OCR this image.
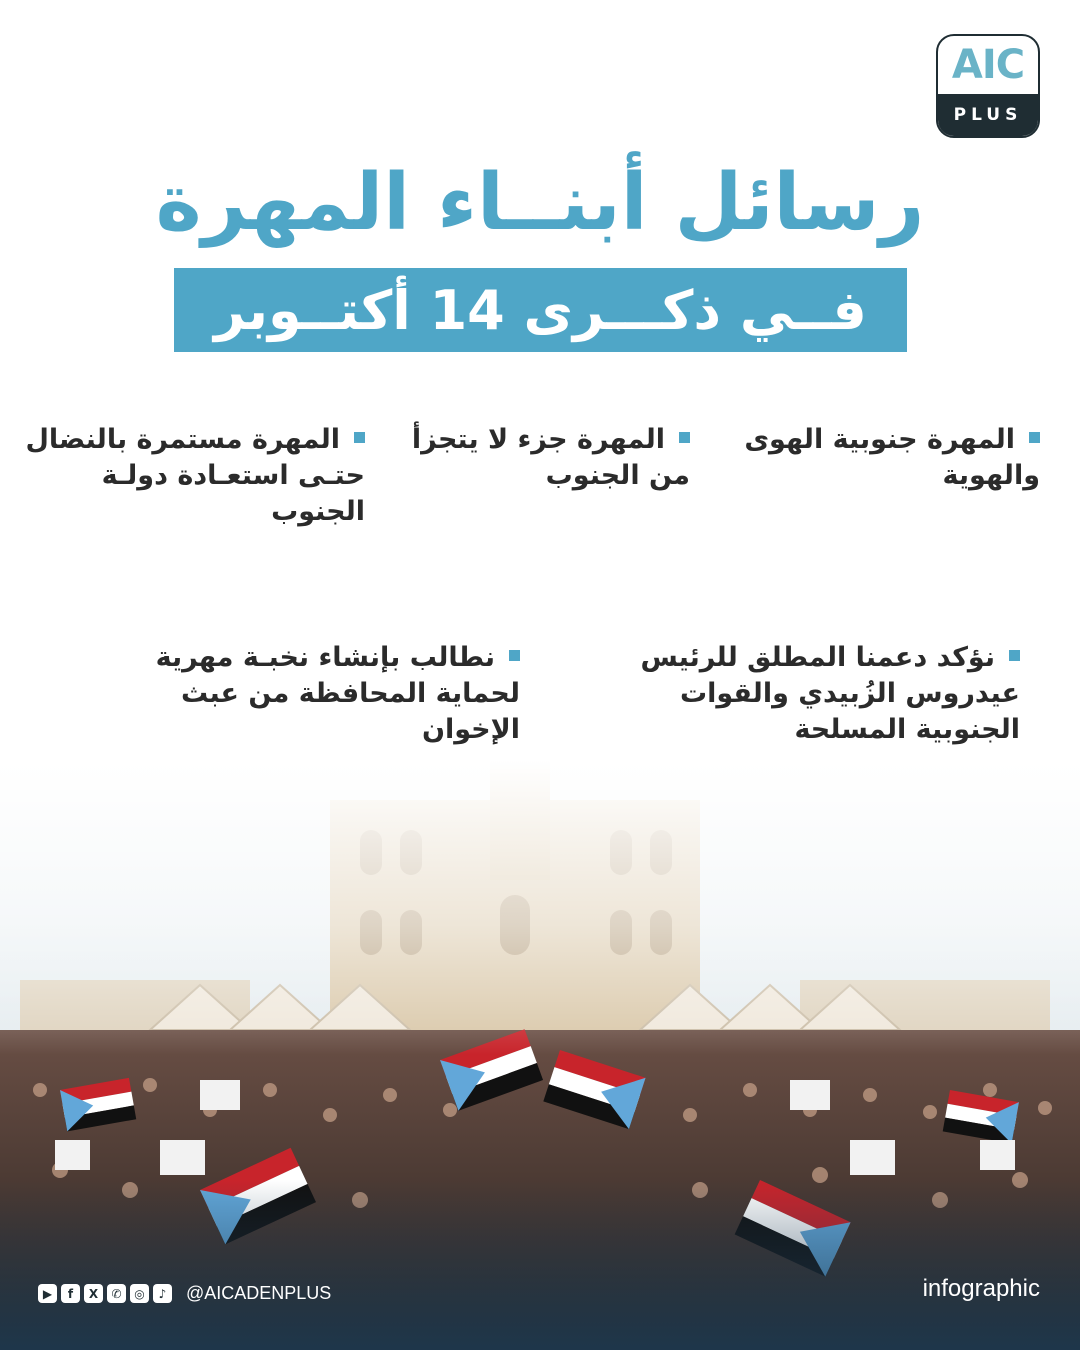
AIC
PLUS
رسائل أبنــاء المهرة
فــي ذكـــرى 14 أكتــوبر
المهرة جنوبية الهوى والهوية
المهرة جزء لا يتجزأ من الجنوب
المهرة مستمرة بالنضال حتـى استعـادة دولـة الجنوب
نؤكد دعمنا المطلق للرئيس عيدروس الزُبيدي والقوات الجنوبية المسلحة
نطالب بإنشاء نخبـة مهرية لحماية المحافظة من عبث الإخوان
▶	f	X	✆	◎	♪	@AICADENPLUS	infographic
